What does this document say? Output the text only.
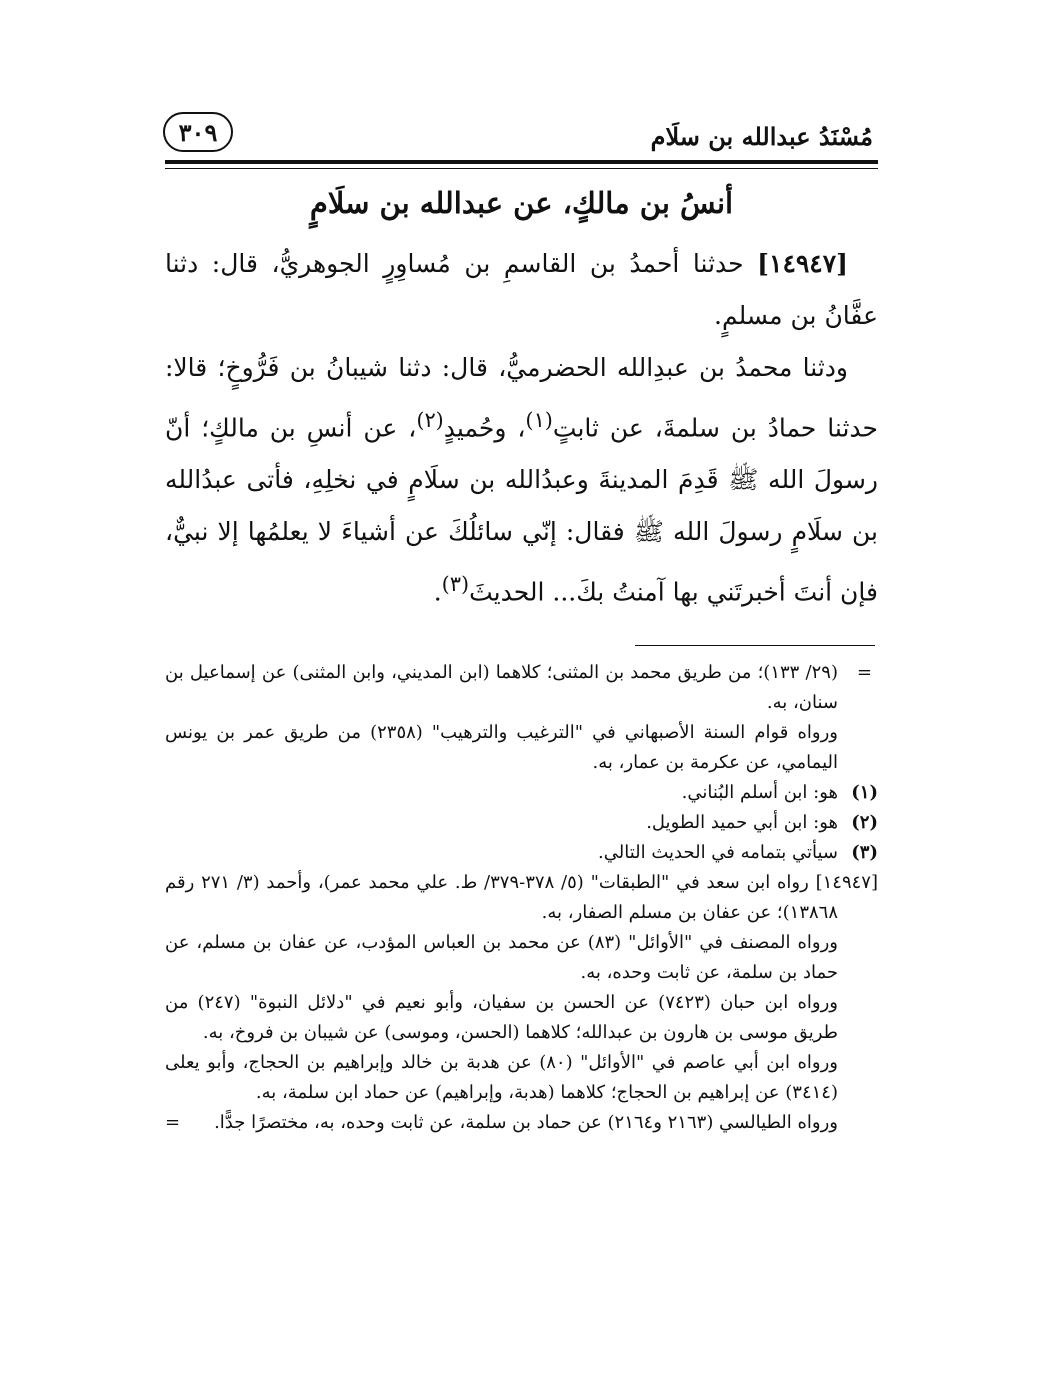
مُسْنَدُ عبدالله بن سلَام
٣٠٩
أنسُ بن مالكٍ، عن عبدالله بن سلَامٍ

[١٤٩٤٧] حدثنا أحمدُ بن القاسمِ بن مُساوِرٍ الجوهريُّ، قال: دثنا عفَّانُ بن مسلمٍ.

ودثنا محمدُ بن عبدِالله الحضرميُّ، قال: دثنا شيبانُ بن فَرُّوخٍ؛ قالا: حدثنا حمادُ بن سلمةَ، عن ثابتٍ$^{(١)}$، وحُميدٍ$^{(٢)}$، عن أنسِ بن مالكٍ؛ أنّ رسولَ الله ﷺ قَدِمَ المدينةَ وعبدُالله بن سلَامٍ في نخلِهِ، فأتى عبدُالله بن سلَامٍ رسولَ الله ﷺ فقال: إنّي سائلُكَ عن أشياءَ لا يعلمُها إلا نبيٌّ، فإن أنتَ أخبرتَني بها آمنتُ بكَ... الحديثَ$^{(٣)}$.

=
(٢٩/ ١٣٣)؛ من طريق محمد بن المثنى؛ كلاهما (ابن المديني، وابن المثنى) عن إسماعيل بن سنان، به.

ورواه قوام السنة الأصبهاني في "الترغيب والترهيب" (٢٣٥٨) من طريق عمر بن يونس اليمامي، عن عكرمة بن عمار، به.

(١)
هو: ابن أسلم البُناني.

(٢)
هو: ابن أبي حميد الطويل.

(٣)
سيأتي بتمامه في الحديث التالي.

[١٤٩٤٧] رواه ابن سعد في "الطبقات" (٥/ ٣٧٨-٣٧٩/ ط. علي محمد عمر)، وأحمد (٣/ ٢٧١ رقم ١٣٨٦٨)؛ عن عفان بن مسلم الصفار، به.

ورواه المصنف في "الأوائل" (٨٣) عن محمد بن العباس المؤدب، عن عفان بن مسلم، عن حماد بن سلمة، عن ثابت وحده، به.

ورواه ابن حبان (٧٤٢٣) عن الحسن بن سفيان، وأبو نعيم في "دلائل النبوة" (٢٤٧) من طريق موسى بن هارون بن عبدالله؛ كلاهما (الحسن، وموسى) عن شيبان بن فروخ، به.

ورواه ابن أبي عاصم في "الأوائل" (٨٠) عن هدبة بن خالد وإبراهيم بن الحجاج، وأبو يعلى (٣٤١٤) عن إبراهيم بن الحجاج؛ كلاهما (هدبة، وإبراهيم) عن حماد ابن سلمة، به.

ورواه الطيالسي (٢١٦٣ و٢١٦٤) عن حماد بن سلمة، عن ثابت وحده، به، مختصرًا جدًّا.
=
